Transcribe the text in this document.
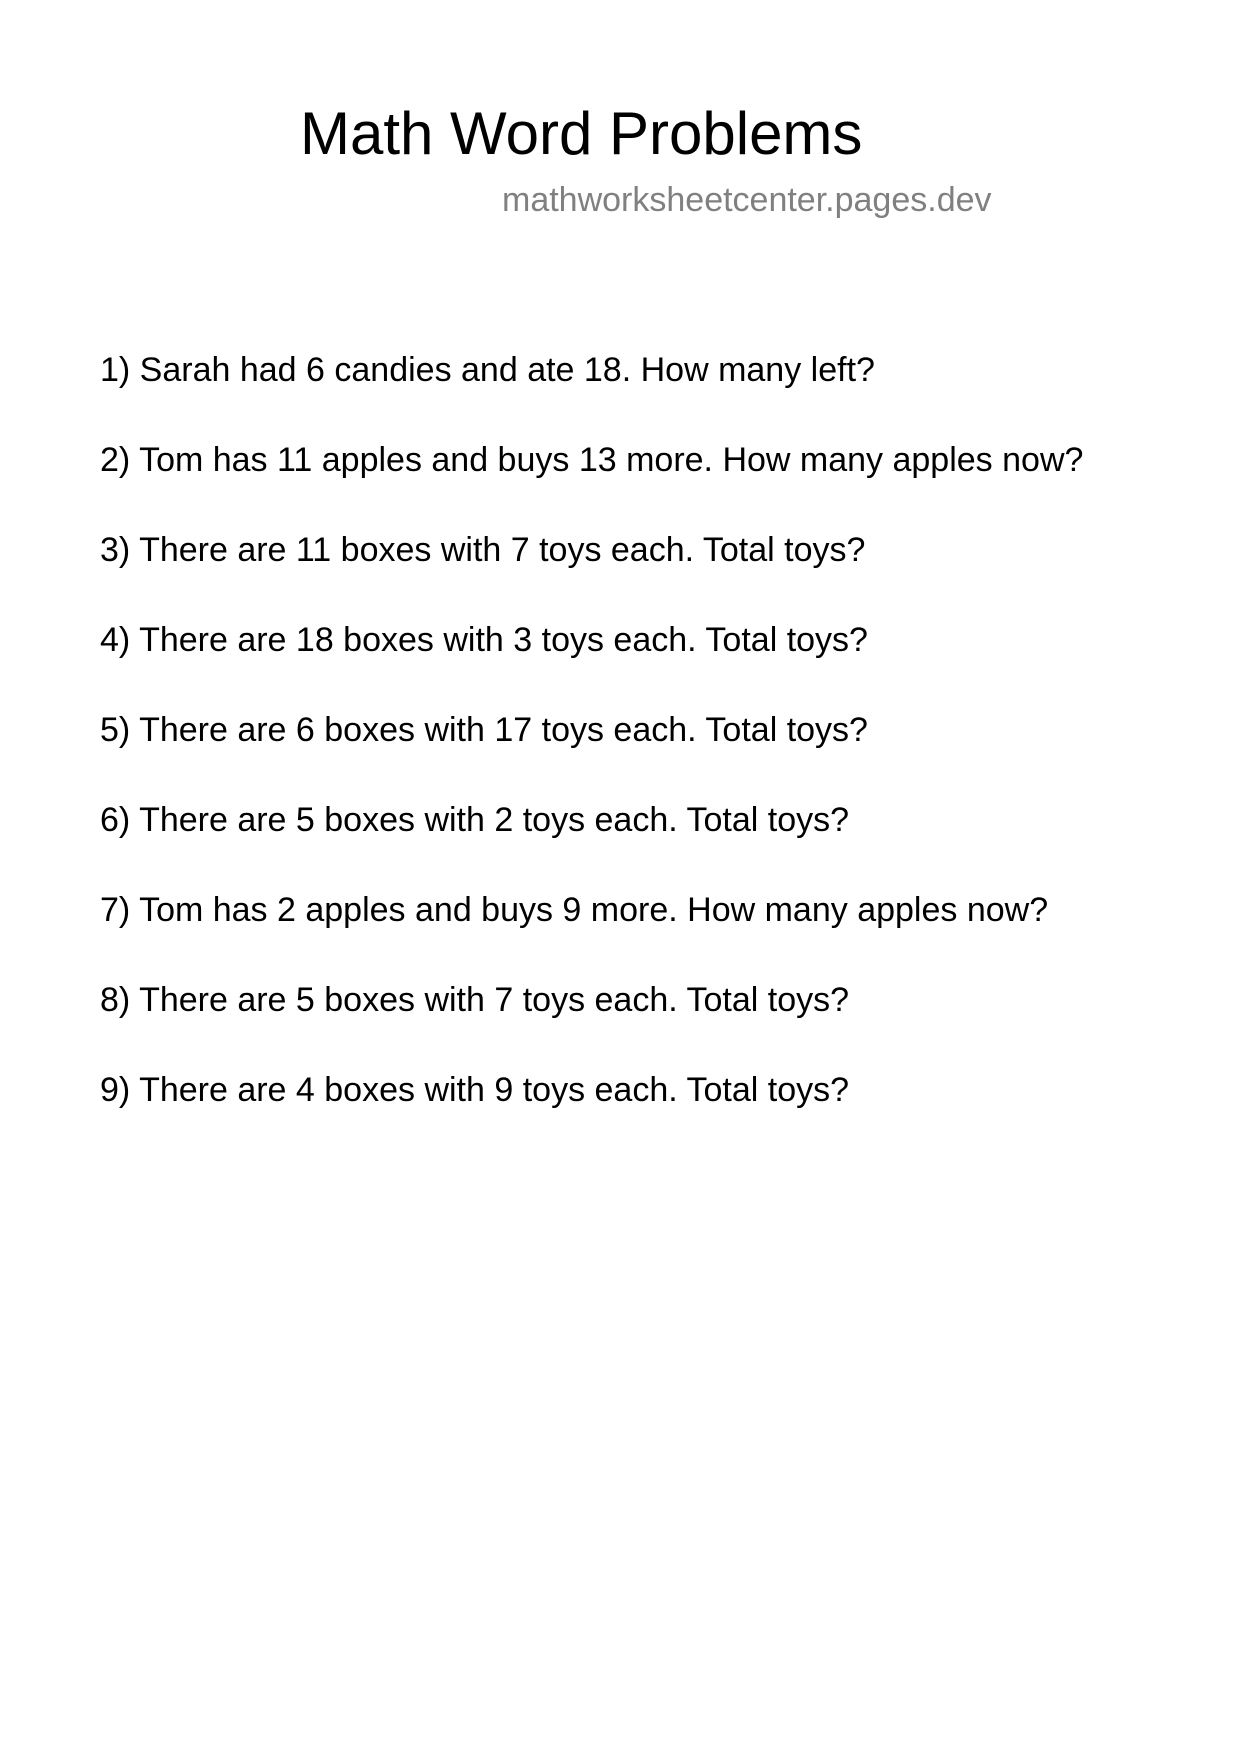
Math Word Problems

mathworksheetcenter.pages.dev

1) Sarah had 6 candies and ate 18. How many left?
2) Tom has 11 apples and buys 13 more. How many apples now?
3) There are 11 boxes with 7 toys each. Total toys?
4) There are 18 boxes with 3 toys each. Total toys?
5) There are 6 boxes with 17 toys each. Total toys?
6) There are 5 boxes with 2 toys each. Total toys?
7) Tom has 2 apples and buys 9 more. How many apples now?
8) There are 5 boxes with 7 toys each. Total toys?
9) There are 4 boxes with 9 toys each. Total toys?
